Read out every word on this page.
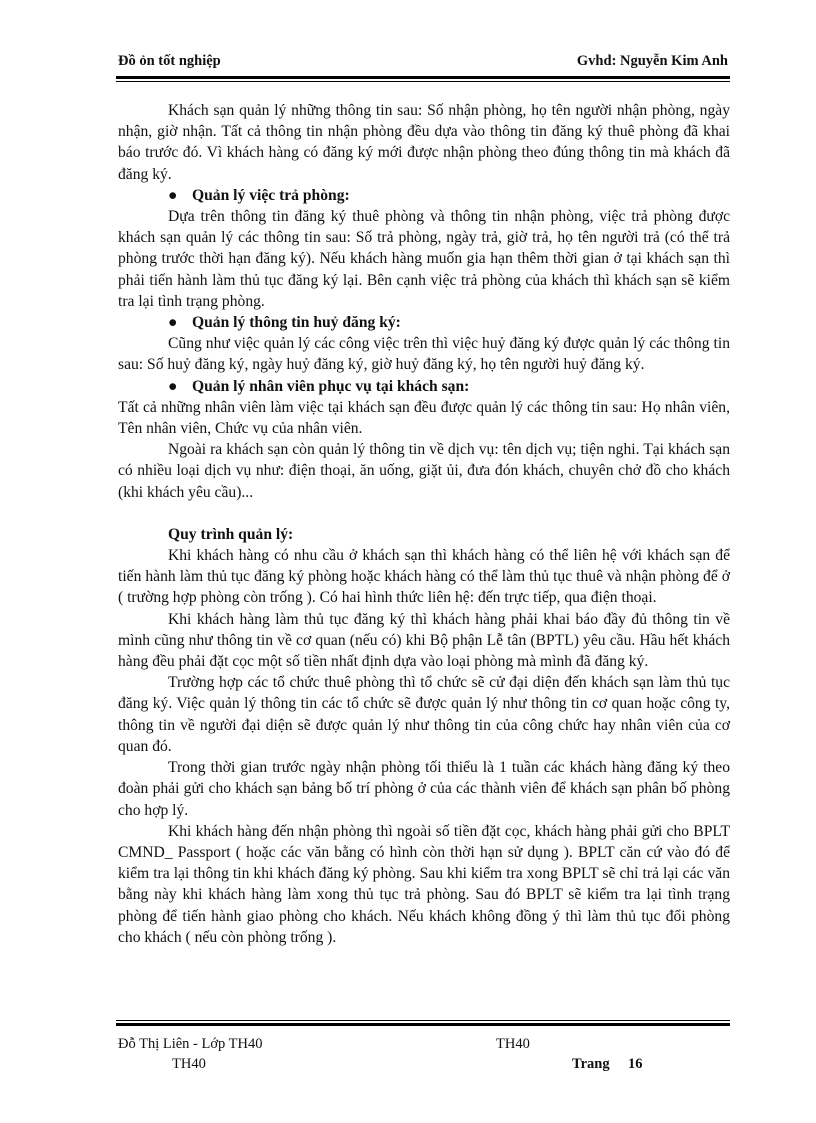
Đồ ỏn tốt nghiệp	Gvhd: Nguyễn Kim Anh

Khách sạn quản lý những thông tin sau: Số nhận phòng, họ tên người nhận phòng, ngày nhận, giờ nhận. Tất cả thông tin nhận phòng đều dựa vào thông tin đăng ký thuê phòng đã khai báo trước đó. Vì khách hàng có đăng ký mới được nhận phòng theo đúng thông tin mà khách đã đăng ký.

● Quản lý việc trả phòng:

Dựa trên thông tin đăng ký thuê phòng và thông tin nhận phòng, việc trả phòng được khách sạn quản lý các thông tin sau: Số trả phòng, ngày trả, giờ trả, họ tên người trả (có thể trả phòng trước thời hạn đăng ký). Nếu khách hàng muốn gia hạn thêm thời gian ở tại khách sạn thì phải tiến hành làm thủ tục đăng ký lại. Bên cạnh việc trả phòng của khách thì khách sạn sẽ kiểm tra lại tình trạng phòng.

● Quản lý thông tin huỷ đăng ký:

Cũng như việc quản lý các công việc trên thì việc huỷ đăng ký được quản lý các thông tin sau: Số huỷ đăng ký, ngày huỷ đăng ký, giờ huỷ đăng ký, họ tên người huỷ đăng ký.

● Quản lý nhân viên phục vụ tại khách sạn:

Tất cả những nhân viên làm việc tại khách sạn đều được quản lý các thông tin sau: Họ nhân viên, Tên nhân viên, Chức vụ của nhân viên.

Ngoài ra khách sạn còn quản lý thông tin về dịch vụ: tên dịch vụ; tiện nghi. Tại khách sạn có nhiều loại dịch vụ như: điện thoại, ăn uống, giặt ủi, đưa đón khách, chuyên chở đồ cho khách (khi khách yêu cầu)...

Quy trình quản lý:

Khi khách hàng có nhu cầu ở khách sạn thì khách hàng có thể liên hệ với khách sạn để tiến hành làm thủ tục đăng ký phòng hoặc khách hàng có thể làm thủ tục thuê và nhận phòng để ở ( trường hợp phòng còn trống ). Có hai hình thức liên hệ: đến trực tiếp, qua điện thoại.

Khi khách hàng làm thủ tục đăng ký thì khách hàng phải khai báo đầy đủ thông tin về mình cũng như thông tin về cơ quan (nếu có) khi Bộ phận Lễ tân (BPTL) yêu cầu. Hầu hết khách hàng đều phải đặt cọc một số tiền nhất định dựa vào loại phòng mà mình đã đăng ký.

Trường hợp các tổ chức thuê phòng thì tổ chức sẽ cử đại diện đến khách sạn làm thủ tục đăng ký. Việc quản lý thông tin các tổ chức sẽ được quản lý như thông tin cơ quan hoặc công ty, thông tin về người đại diện sẽ được quản lý như thông tin của công chức hay nhân viên của cơ quan đó.

Trong thời gian trước ngày nhận phòng tối thiểu là 1 tuần các khách hàng đăng ký theo đoàn phải gửi cho khách sạn bảng bố trí phòng ở của các thành viên để khách sạn phân bố phòng cho hợp lý.

Khi khách hàng đến nhận phòng thì ngoài số tiền đặt cọc, khách hàng phải gửi cho BPLT CMND_ Passport ( hoặc các văn bằng có hình còn thời hạn sử dụng ). BPLT căn cứ vào đó để kiểm tra lại thông tin khi khách đăng ký phòng. Sau khi kiểm tra xong BPLT sẽ chỉ trả lại các văn bằng này khi khách hàng làm xong thủ tục trả phòng. Sau đó BPLT sẽ kiểm tra lại tình trạng phòng để tiến hành giao phòng cho khách. Nếu khách không đồng ý thì làm thủ tục đổi phòng cho khách ( nếu còn phòng trống ).

Đỗ Thị Liên - Lớp TH40	TH40
TH40	Trang 16
